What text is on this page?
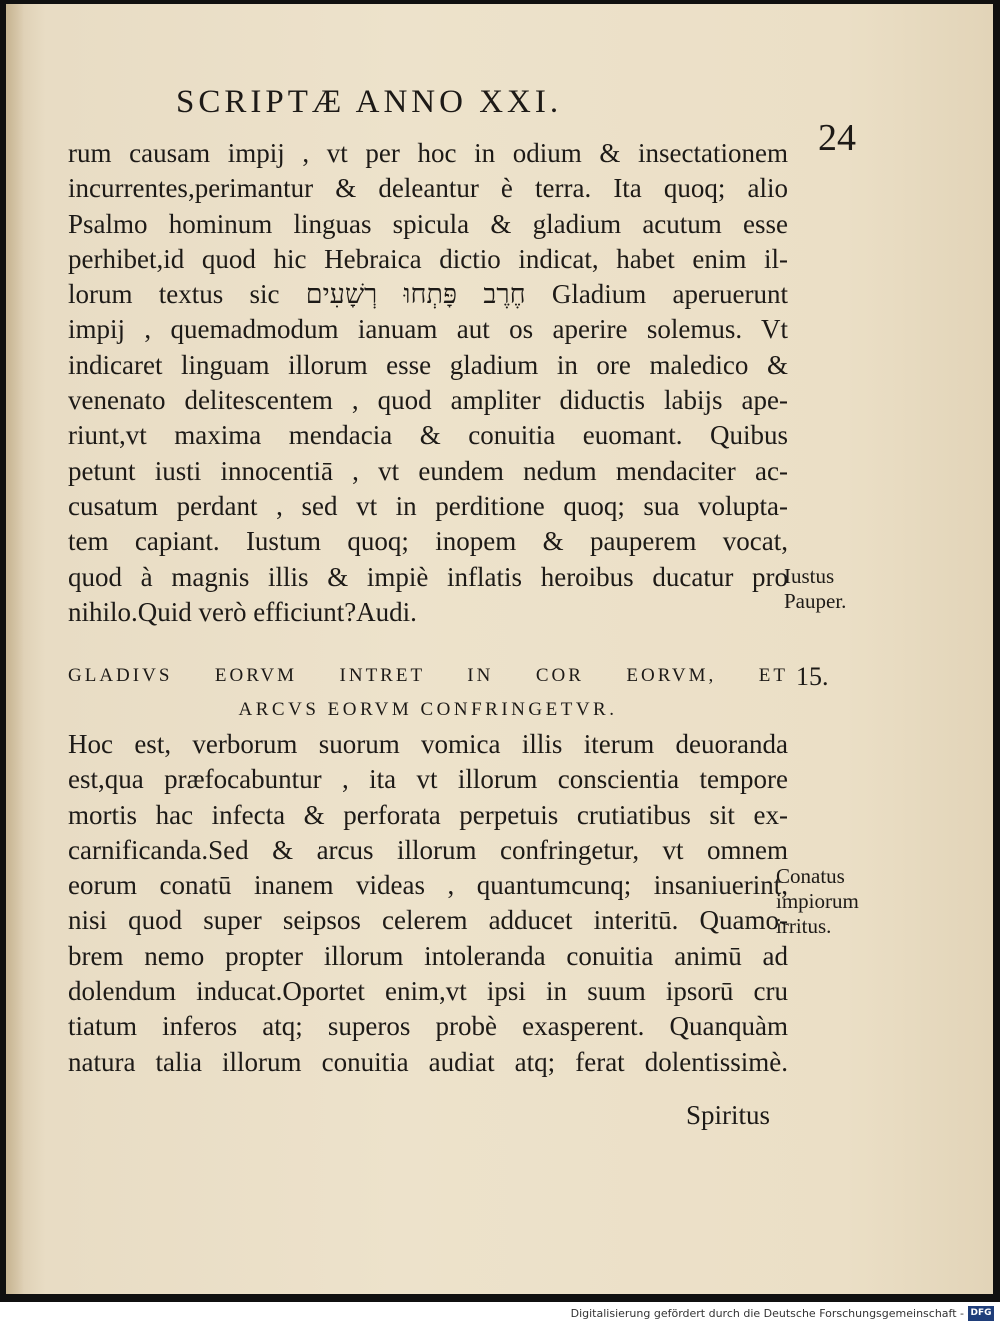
SCRIPTÆ ANNO XXI.
24
rum causam impij , vt per hoc in odium & insectationem
incurrentes,perimantur & deleantur è terra. Ita quoq; alio
Psalmo hominum linguas spicula & gladium acutum esse
perhibet,id quod hic Hebraica dictio indicat, habet enim il-
lorum textus sic חֶרֶב פָּתְחוּ רְשָׁעִים Gladium aperuerunt
impij , quemadmodum ianuam aut os aperire solemus. Vt
indicaret linguam illorum esse gladium in ore maledico &
venenato delitescentem , quod ampliter diductis labijs ape-
riunt,vt maxima mendacia & conuitia euomant. Quibus
petunt iusti innocentiā , vt eundem nedum mendaciter ac-
cusatum perdant , sed vt in perditione quoq; sua volupta-
tem capiant. Iustum quoq; inopem & pauperem vocat,
quod à magnis illis & impiè inflatis heroibus ducatur pro
nihilo.Quid verò efficiunt?Audi.
Iustus
Pauper.
GLADIVS EORVM INTRET IN COR EORVM, ET
ARCVS EORVM CONFRINGETVR.
15.
Hoc est, verborum suorum vomica illis iterum deuoranda
est,qua præfocabuntur , ita vt illorum conscientia tempore
mortis hac infecta & perforata perpetuis crutiatibus sit ex-
carnificanda.Sed & arcus illorum confringetur, vt omnem
eorum conatū inanem videas , quantumcunq; insaniuerint,
nisi quod super seipsos celerem adducet interitū. Quamo-
brem nemo propter illorum intoleranda conuitia animū ad
dolendum inducat.Oportet enim,vt ipsi in suum ipsorū cru
tiatum inferos atq; superos probè exasperent. Quanquàm
natura talia illorum conuitia audiat atq; ferat dolentissimè.
Conatus
impiorum
irritus.
Spiritus
Digitalisierung gefördert durch die Deutsche Forschungsgemeinschaft - DFG
